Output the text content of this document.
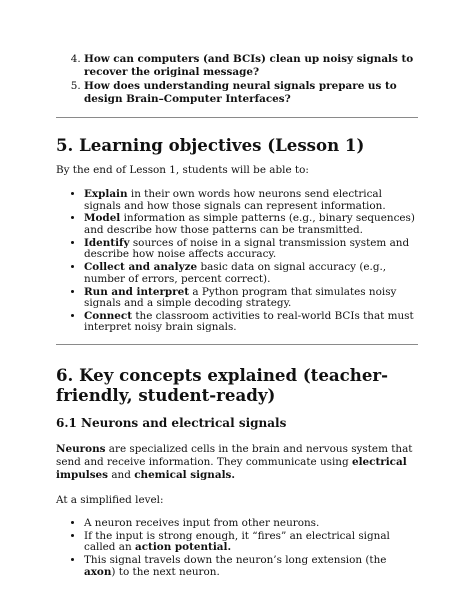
4. How can computers (and BCIs) clean up noisy signals to recover the original message?
5. How does understanding neural signals prepare us to design Brain–Computer Interfaces?
5. Learning objectives (Lesson 1)

By the end of Lesson 1, students will be able to:

• Explain in their own words how neurons send electrical signals and how those signals can represent information.
• Model information as simple patterns (e.g., binary sequences) and describe how those patterns can be transmitted.
• Identify sources of noise in a signal transmission system and describe how noise affects accuracy.
• Collect and analyze basic data on signal accuracy (e.g., number of errors, percent correct).
• Run and interpret a Python program that simulates noisy signals and a simple decoding strategy.
• Connect the classroom activities to real-world BCIs that must interpret noisy brain signals.
6. Key concepts explained (teacher-friendly, student-ready)
6.1 Neurons and electrical signals

Neurons are specialized cells in the brain and nervous system that send and receive information. They communicate using electrical impulses and chemical signals.

At a simplified level:

• A neuron receives input from other neurons.
• If the input is strong enough, it “fires” an electrical signal called an action potential.
• This signal travels down the neuron’s long extension (the axon) to the next neuron.
